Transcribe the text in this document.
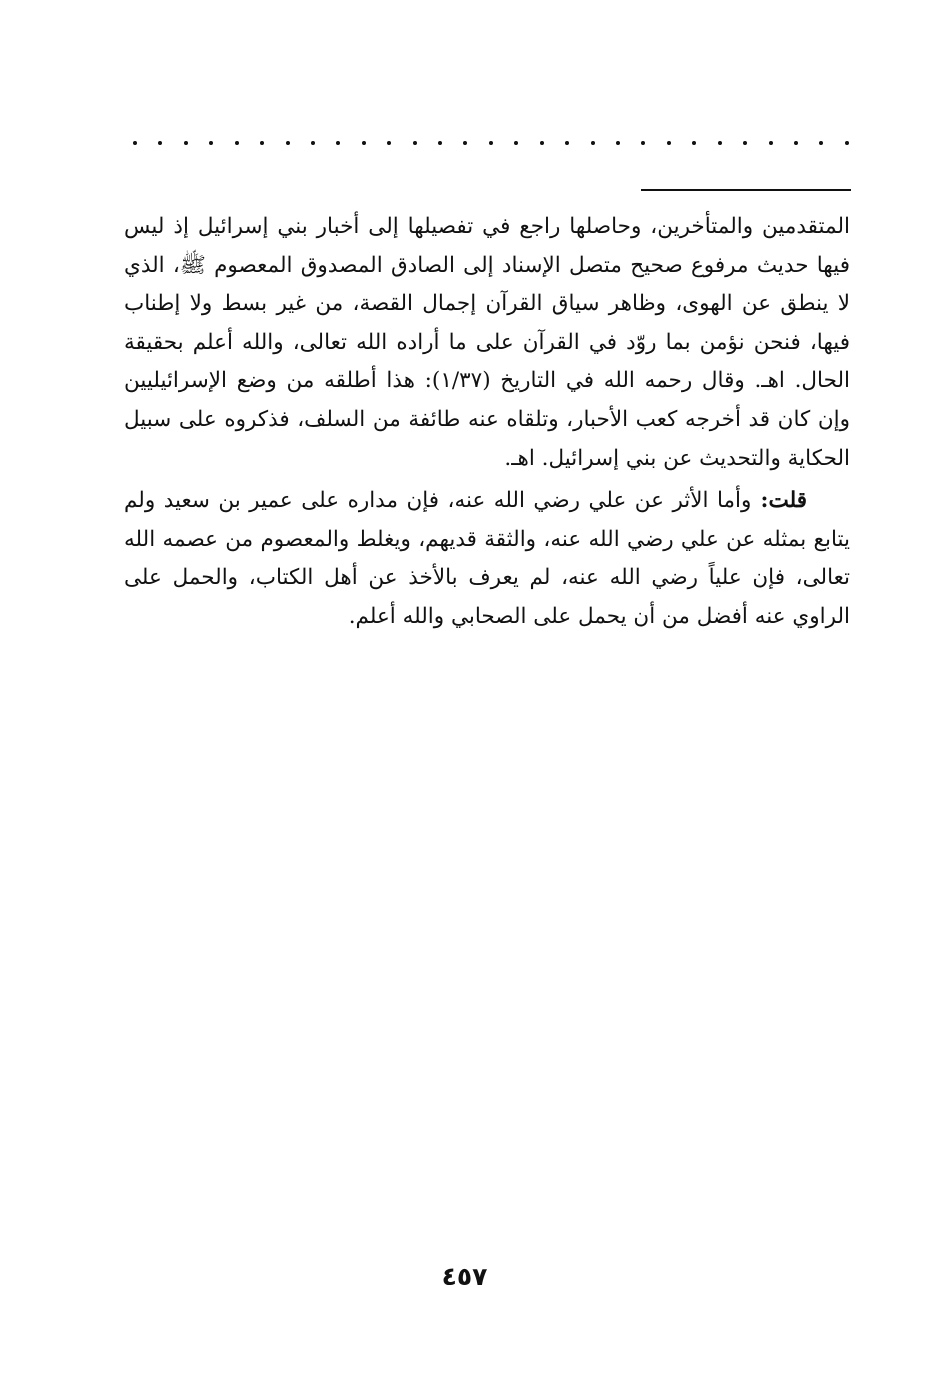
المتقدمين والمتأخرين، وحاصلها راجع في تفصيلها إلى أخبار بني إسرائيل إذ ليس
فيها حديث مرفوع صحيح متصل الإسناد إلى الصادق المصدوق المعصوم ﷺ، الذي
لا ينطق عن الهوى، وظاهر سياق القرآن إجمال القصة، من غير بسط ولا إطناب
فيها، فنحن نؤمن بما روّد في القرآن على ما أراده الله تعالى، والله أعلم بحقيقة
الحال. اهـ. وقال رحمه الله في التاريخ (١/٣٧): هذا أطلقه من وضع الإسرائيليين
وإن كان قد أخرجه كعب الأحبار، وتلقاه عنه طائفة من السلف، فذكروه على سبيل
الحكاية والتحديث عن بني إسرائيل. اهـ.
  قلت: وأما الأثر عن علي رضي الله عنه، فإن مداره على عمير بن سعيد ولم
يتابع بمثله عن علي رضي الله عنه، والثقة قديهم، ويغلط والمعصوم من عصمه الله
تعالى، فإن علياً رضي الله عنه، لم يعرف بالأخذ عن أهل الكتاب، والحمل على
الراوي عنه أفضل من أن يحمل على الصحابي والله أعلم.
٤٥٧
